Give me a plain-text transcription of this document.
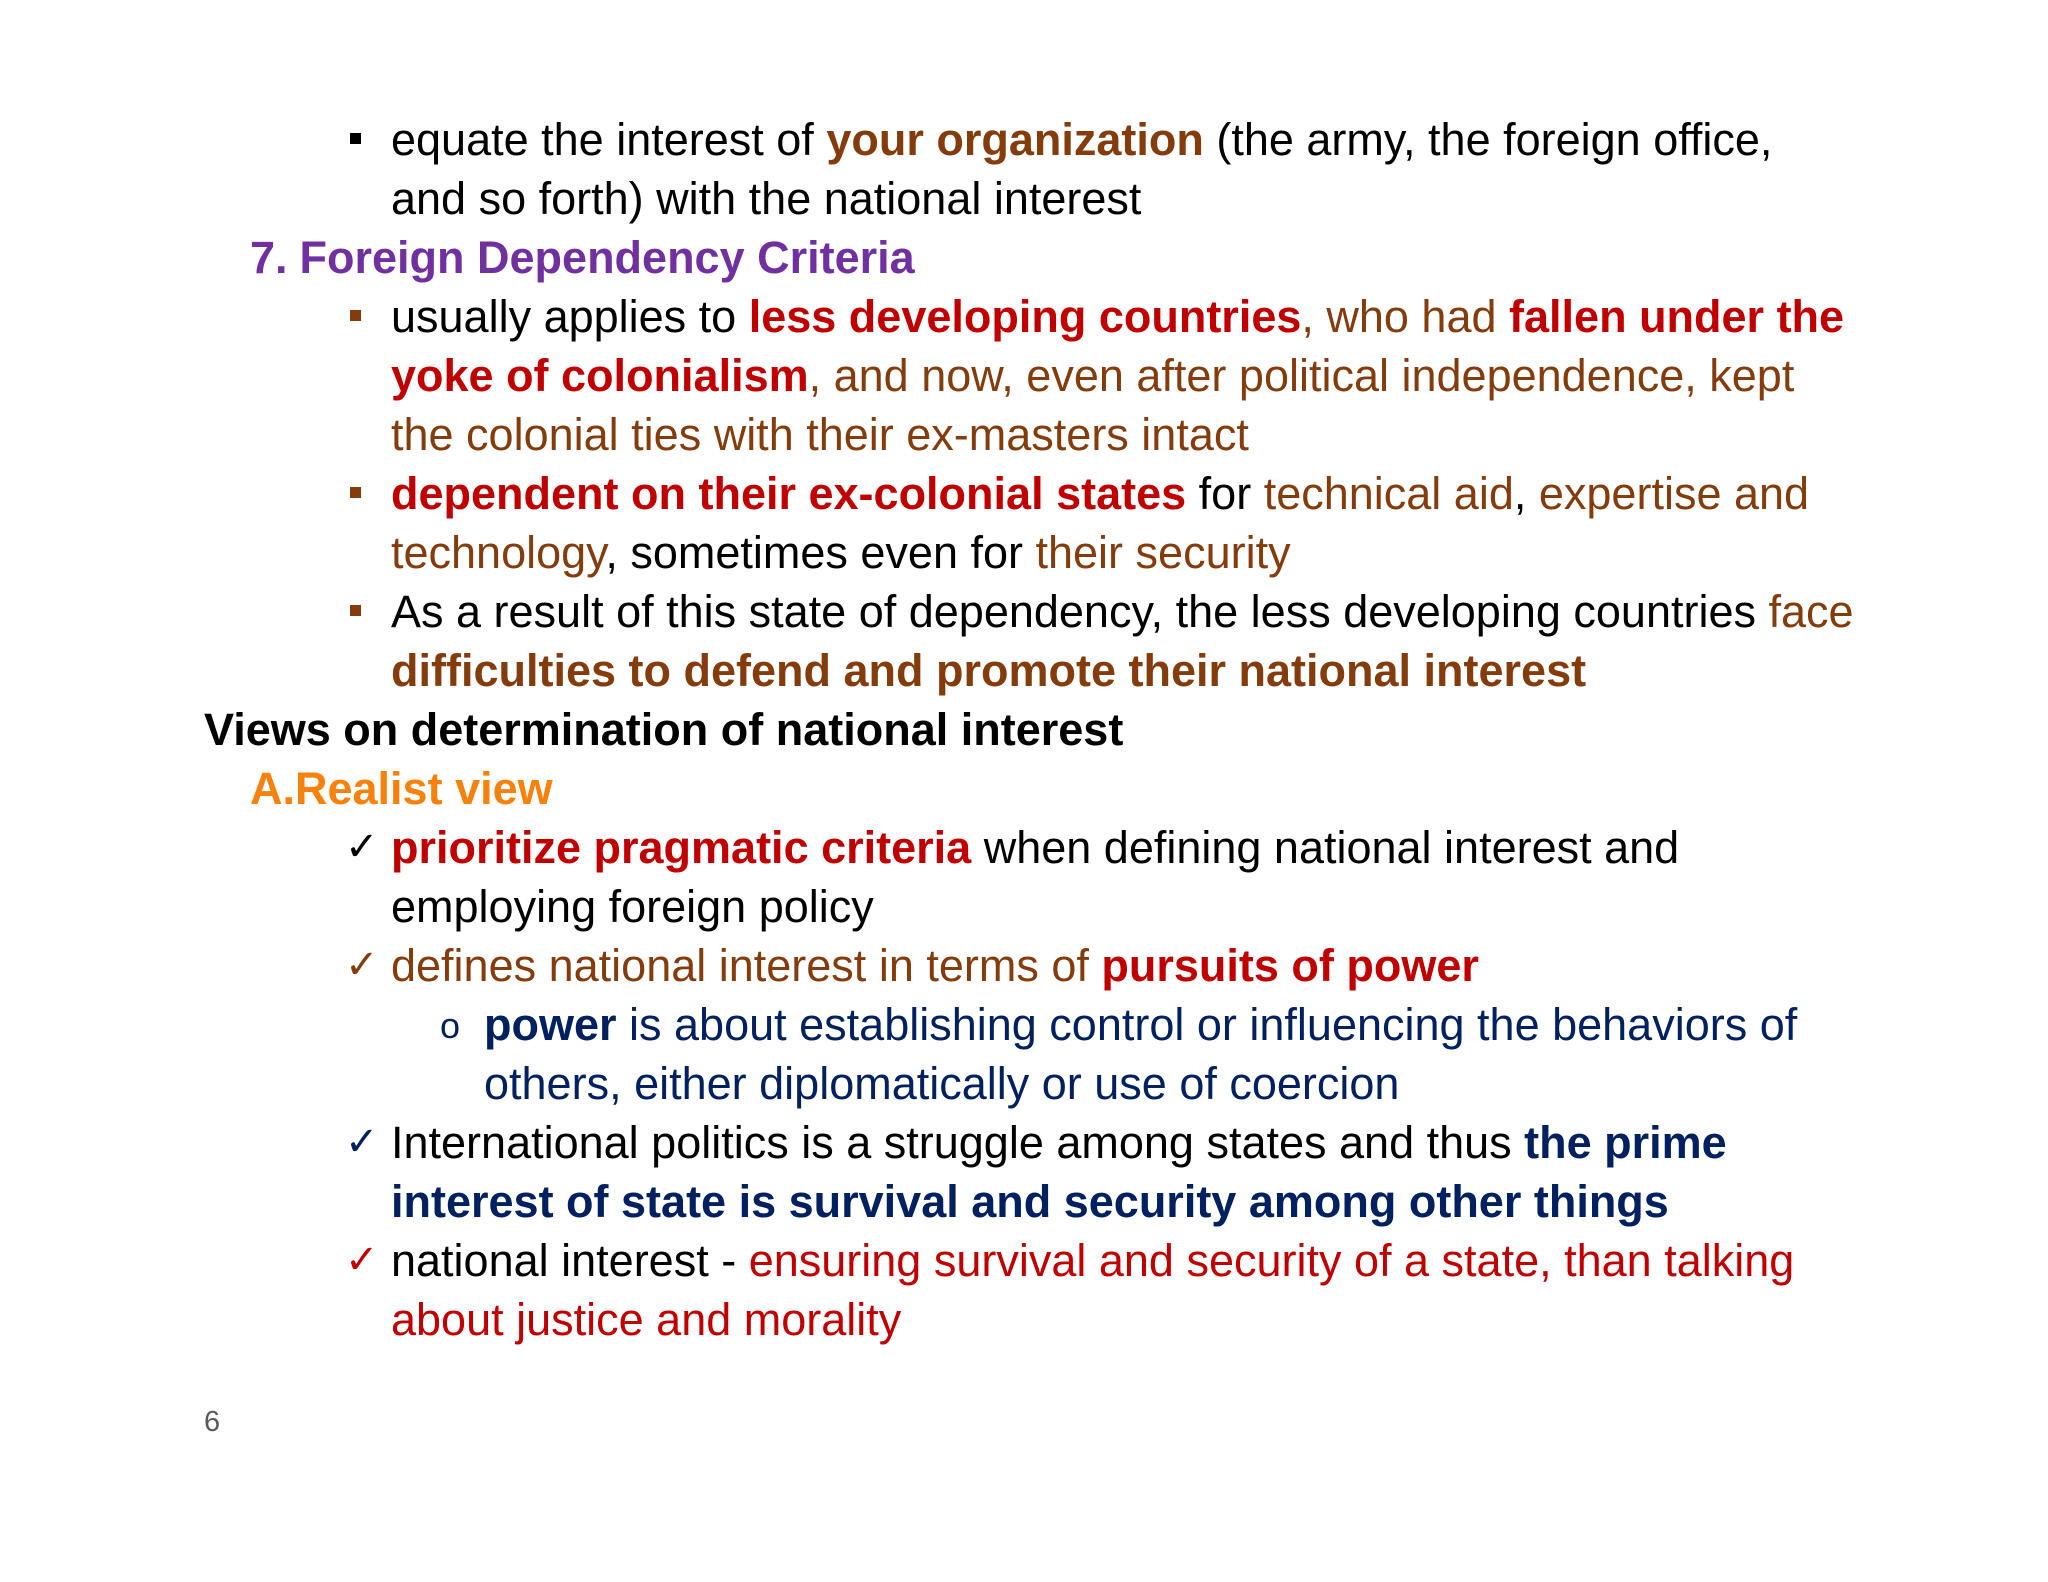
equate the interest of your organization (the army, the foreign office,
and so forth) with the national interest
7. Foreign Dependency Criteria
usually applies to less developing countries, who had fallen under the
yoke of colonialism, and now, even after political independence, kept
the colonial ties with their ex-masters intact
dependent on their ex-colonial states for technical aid, expertise and
technology, sometimes even for their security
As a result of this state of dependency, the less developing countries face
difficulties to defend and promote their national interest
Views on determination of national interest
A.Realist view
✓ prioritize pragmatic criteria when defining national interest and
employing foreign policy
✓ defines national interest in terms of pursuits of power
o power is about establishing control or influencing the behaviors of
others, either diplomatically or use of coercion
✓ International politics is a struggle among states and thus the prime
interest of state is survival and security among other things
✓ national interest - ensuring survival and security of a state, than talking
about justice and morality
6
